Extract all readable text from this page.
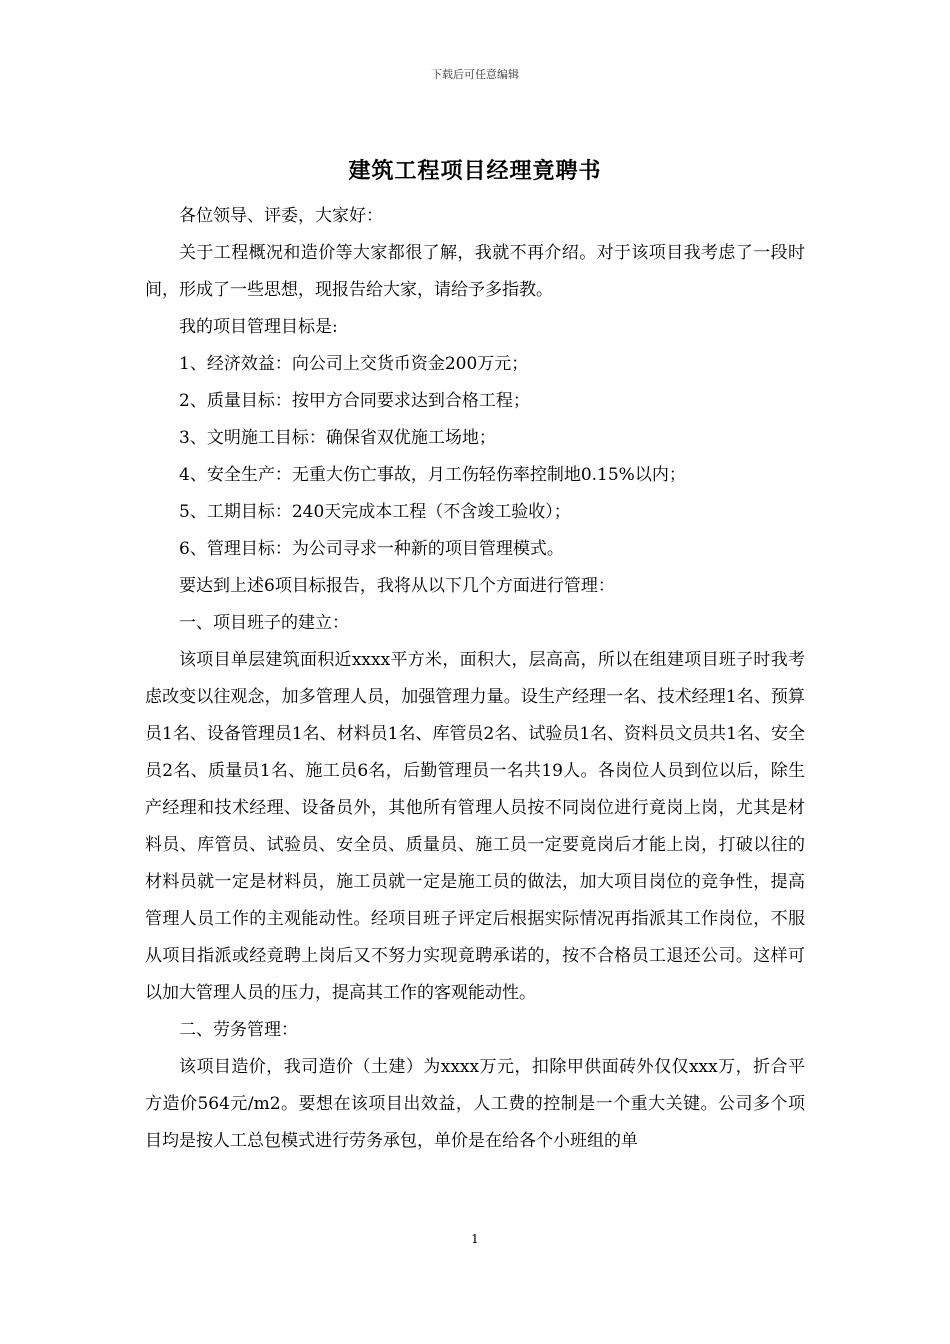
下载后可任意编辑
建筑工程项目经理竟聘书

各位领导、评委，大家好：

关于工程概况和造价等大家都很了解，我就不再介绍。对于该项目我考虑了一段时间，形成了一些思想，现报告给大家，请给予多指教。

我的项目管理目标是:

1、经济效益：向公司上交货币资金200万元；

2、质量目标：按甲方合同要求达到合格工程；

3、文明施工目标：确保省双优施工场地；

4、安全生产：无重大伤亡事故，月工伤轻伤率控制地0.15%以内；

5、工期目标：240天完成本工程（不含竣工验收）；

6、管理目标：为公司寻求一种新的项目管理模式。

要达到上述6项目标报告，我将从以下几个方面进行管理：

一、项目班子的建立：

该项目单层建筑面积近xxxx平方米，面积大，层高高，所以在组建项目班子时我考虑改变以往观念，加多管理人员，加强管理力量。设生产经理一名、技术经理1名、预算员1名、设备管理员1名、材料员1名、库管员2名、试验员1名、资料员文员共1名、安全员2名、质量员1名、施工员6名，后勤管理员一名共19人。各岗位人员到位以后，除生产经理和技术经理、设备员外，其他所有管理人员按不同岗位进行竟岗上岗，尤其是材料员、库管员、试验员、安全员、质量员、施工员一定要竟岗后才能上岗，打破以往的材料员就一定是材料员，施工员就一定是施工员的做法，加大项目岗位的竞争性，提高管理人员工作的主观能动性。经项目班子评定后根据实际情况再指派其工作岗位，不服从项目指派或经竟聘上岗后又不努力实现竟聘承诺的，按不合格员工退还公司。这样可以加大管理人员的压力，提高其工作的客观能动性。

二、劳务管理：

该项目造价，我司造价（土建）为xxxx万元，扣除甲供面砖外仅仅xxx万，折合平方造价564元/m2。要想在该项目出效益，人工费的控制是一个重大关键。公司多个项目均是按人工总包模式进行劳务承包，单价是在给各个小班组的单

1
